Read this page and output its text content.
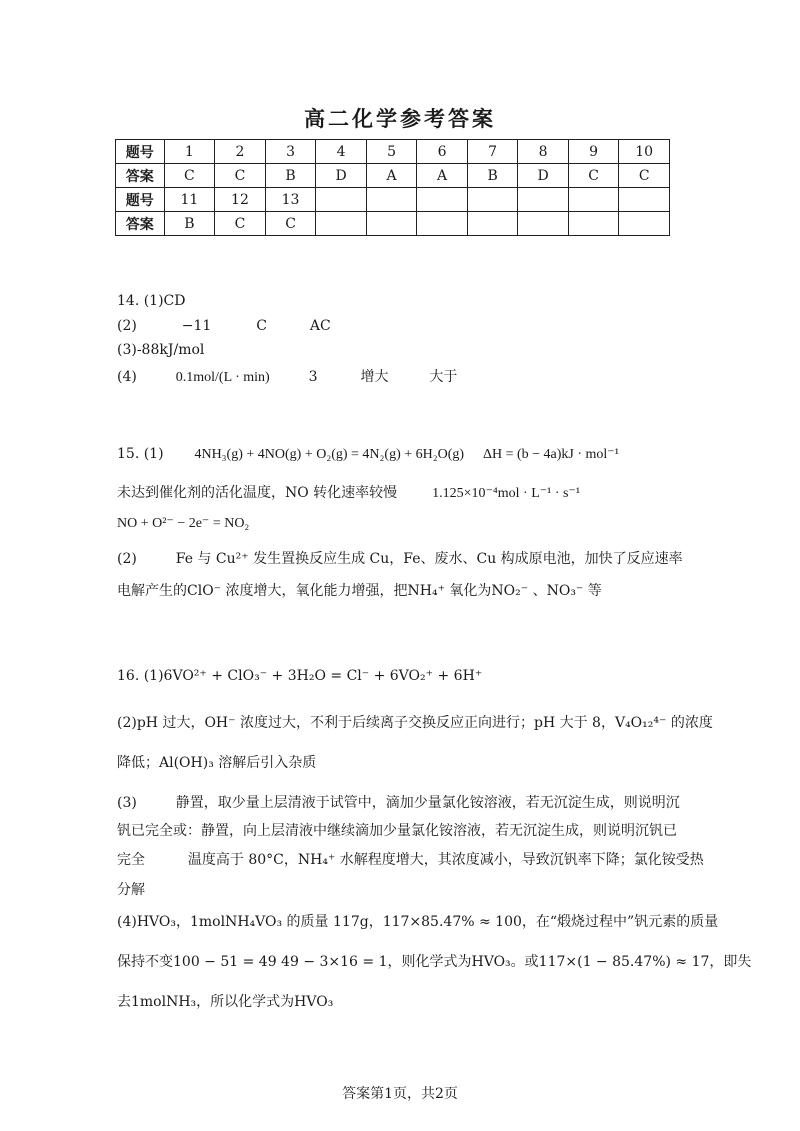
高二化学参考答案
题号	1	2	3	4	5	6	7	8	9	10
答案	C	C	B	D	A	A	B	D	C	C
题号	11	12	13							
答案	B	C	C							
14. (1)CD
(2)	−11	C	AC
(3)-88kJ/mol
(4)	0.1mol/(L · min)	3	增大	大于
15. (1) 4NH₃(g) + 4NO(g) + O₂(g) = 4N₂(g) + 6H₂O(g) ΔH = (b − 4a)kJ · mol⁻¹
未达到催化剂的活化温度，NO 转化速率较慢 1.125×10⁻⁴mol · L⁻¹ · s⁻¹
NO + O²⁻ − 2e⁻ = NO₂
(2)	Fe 与 Cu²⁺ 发生置换反应生成 Cu，Fe、废水、Cu 构成原电池，加快了反应速率
电解产生的ClO⁻ 浓度增大，氧化能力增强，把NH₄⁺ 氧化为NO₂⁻ 、NO₃⁻ 等
16. (1)6VO²⁺ + ClO₃⁻ + 3H₂O = Cl⁻ + 6VO₂⁺ + 6H⁺
(2)pH 过大，OH⁻ 浓度过大，不利于后续离子交换反应正向进行；pH 大于 8，V₄O₁₂⁴⁻ 的浓度
降低；Al(OH)₃ 溶解后引入杂质
(3)	静置，取少量上层清液于试管中，滴加少量氯化铵溶液，若无沉淀生成，则说明沉
钒已完全或：静置，向上层清液中继续滴加少量氯化铵溶液，若无沉淀生成，则说明沉钒已
完全	温度高于 80°C，NH₄⁺ 水解程度增大，其浓度减小，导致沉钒率下降；氯化铵受热
分解
(4)HVO₃，1molNH₄VO₃ 的质量 117g，117×85.47% ≈ 100，在“煅烧过程中”钒元素的质量
保持不变100 − 51 = 49 49 − 3×16 = 1，则化学式为HVO₃。或117×(1 − 85.47%) ≈ 17，即失
去1molNH₃，所以化学式为HVO₃
答案第1页，共2页
